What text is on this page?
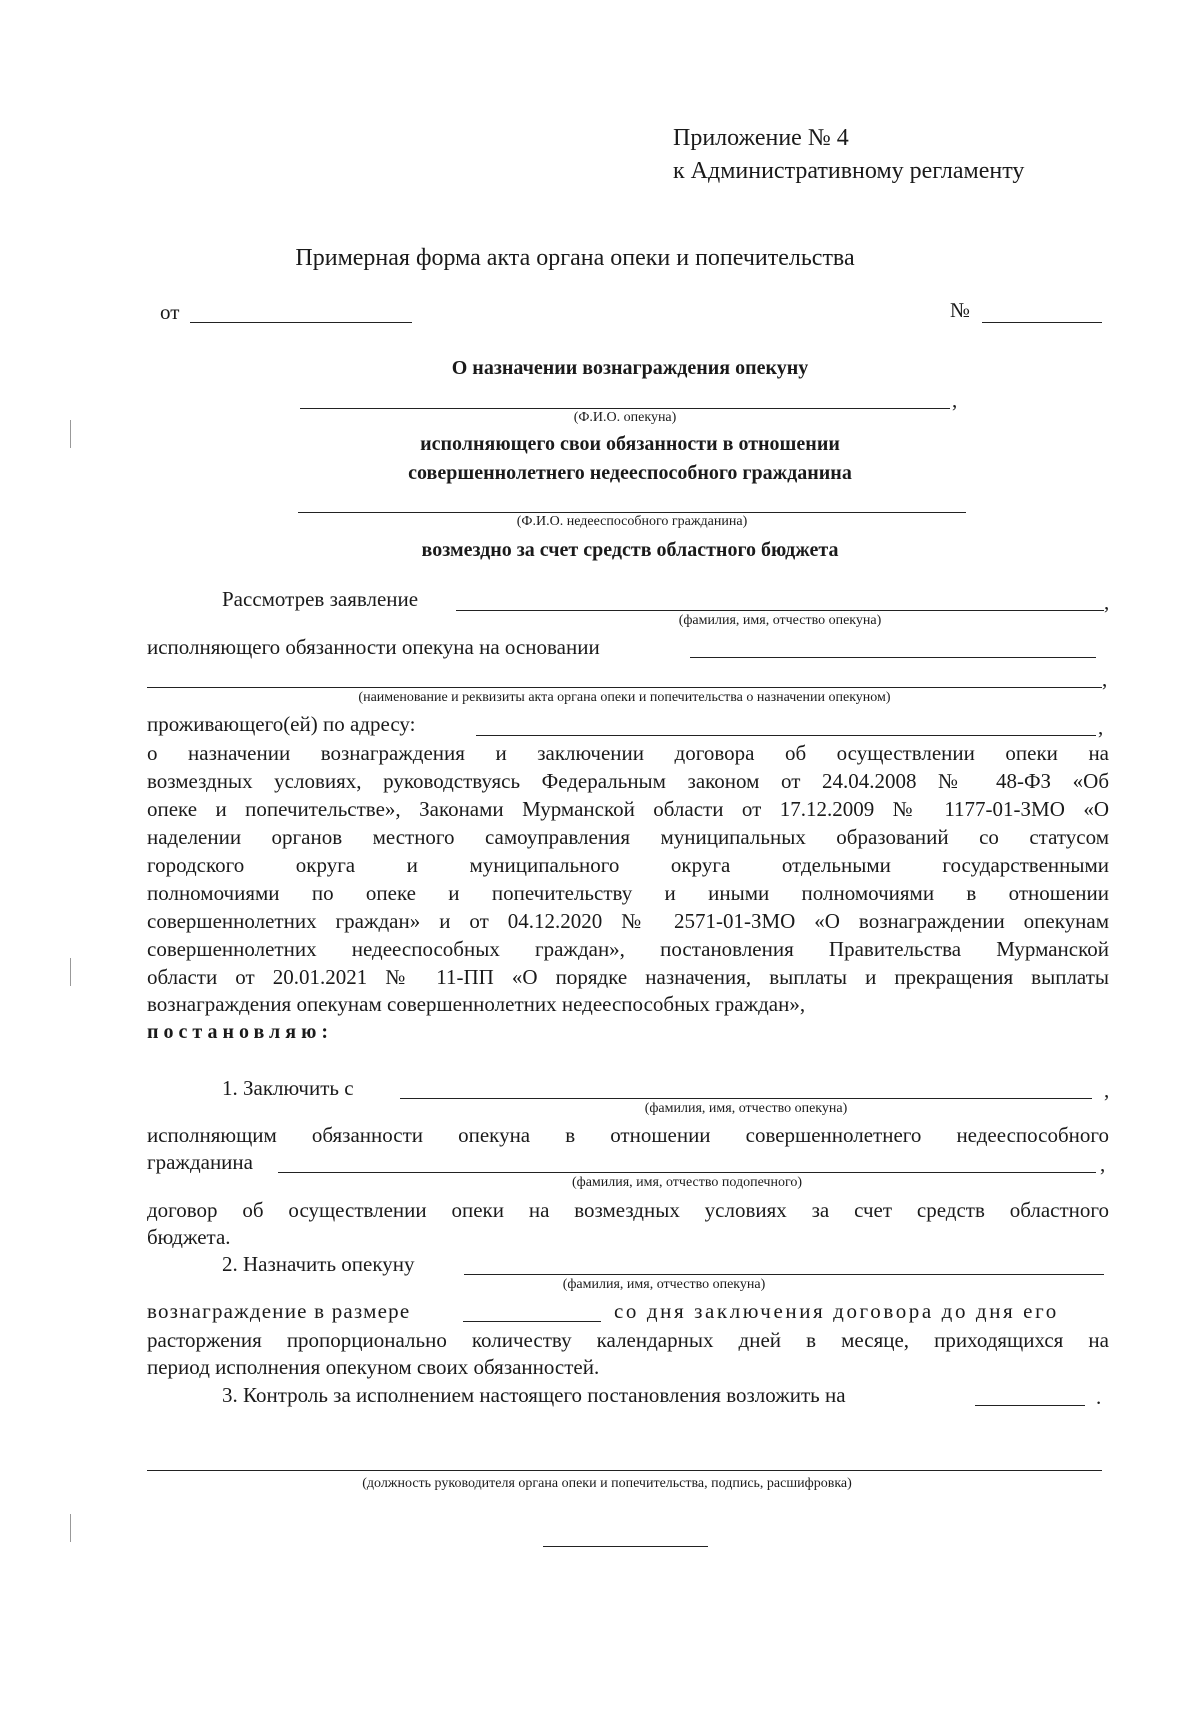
Приложение № 4
к Административному регламенту
Примерная форма акта органа опеки и попечительства
от	№
О назначении вознаграждения опекуну
,
(Ф.И.О. опекуна)
исполняющего свои обязанности в отношении
совершеннолетнего недееспособного гражданина
(Ф.И.О. недееспособного гражданина)
возмездно за счет средств областного бюджета
Рассмотрев заявление	,
(фамилия, имя, отчество опекуна)
исполняющего обязанности опекуна на основании
,
(наименование и реквизиты акта органа опеки и попечительства о назначении опекуном)
проживающего(ей) по адресу:	,
о назначении вознаграждения и заключении договора об осуществлении опеки на
возмездных условиях, руководствуясь Федеральным законом от 24.04.2008 № 48-ФЗ «Об
опеке и попечительстве», Законами Мурманской области от 17.12.2009 № 1177-01-ЗМО «О
наделении органов местного самоуправления муниципальных образований со статусом
городского округа и муниципального округа отдельными государственными
полномочиями по опеке и попечительству и иными полномочиями в отношении
совершеннолетних граждан» и от 04.12.2020 № 2571-01-ЗМО «О вознаграждении опекунам
совершеннолетних недееспособных граждан», постановления Правительства Мурманской
области от 20.01.2021 № 11-ПП «О порядке назначения, выплаты и прекращения выплаты
вознаграждения опекунам совершеннолетних недееспособных граждан»,
постановляю:
1. Заключить с	,
(фамилия, имя, отчество опекуна)
исполняющим обязанности опекуна в отношении совершеннолетнего недееспособного
гражданина	,
(фамилия, имя, отчество подопечного)
договор об осуществлении опеки на возмездных условиях за счет средств областного
бюджета.
2. Назначить опекуну
(фамилия, имя, отчество опекуна)
вознаграждение в размере	со дня заключения договора до дня его
расторжения пропорционально количеству календарных дней в месяце, приходящихся на
период исполнения опекуном своих обязанностей.
3. Контроль за исполнением настоящего постановления возложить на	.
(должность руководителя органа опеки и попечительства, подпись, расшифровка)
